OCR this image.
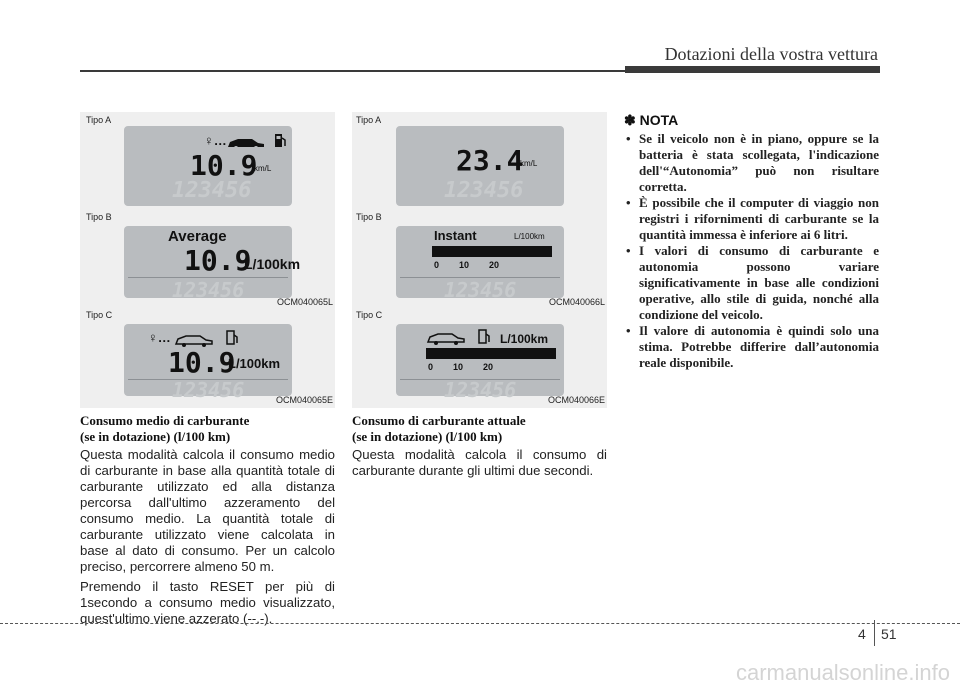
Dotazioni della vostra vettura
Tipo A
123456
♀…
10.9
km/L
Tipo B
Average
10.9
L/100km
123456	OCM040065L
Tipo C
♀…
10.9
L/100km
123456	OCM040065E
Tipo A
23.4
km/L
123456
Tipo B
Instant	L/100km
0        10        20
123456	OCM040066L
Tipo C
L/100km
0        10        20
123456	OCM040066E
Consumo medio di carburante
(se in dotazione) (l/100 km)

Questa modalità calcola il consumo medio di carburante in base alla quantità totale di carburante utilizzato ed alla distanza percorsa dall'ultimo azzeramento del consumo medio. La quantità totale di carburante utilizzato viene calcolata in base al dato di consumo. Per un calcolo preciso, percorrere almeno 50 m.

Premendo il tasto RESET per più di 1secondo a consumo medio visualizzato, quest'ultimo viene azzerato (--.-).

Consumo di carburante attuale
(se in dotazione) (l/100 km)

Questa modalità calcola il consumo di carburante durante gli ultimi due secondi.

✽ NOTA
• Se il veicolo non è in piano, oppure se la batteria è stata scollegata, l'indicazione dell'“Autonomia” può non risultare corretta.
• È possibile che il computer di viaggio non registri i rifornimenti di carburante se la quantità immessa è inferiore ai 6 litri.
• I valori di consumo di carburante e autonomia possono variare significativamente in base alle condizioni operative, allo stile di guida, nonché alla condizione del veicolo.
• Il valore di autonomia è quindi solo una stima. Potrebbe differire dall’autonomia reale disponibile.
4 51
carmanualsonline.info
